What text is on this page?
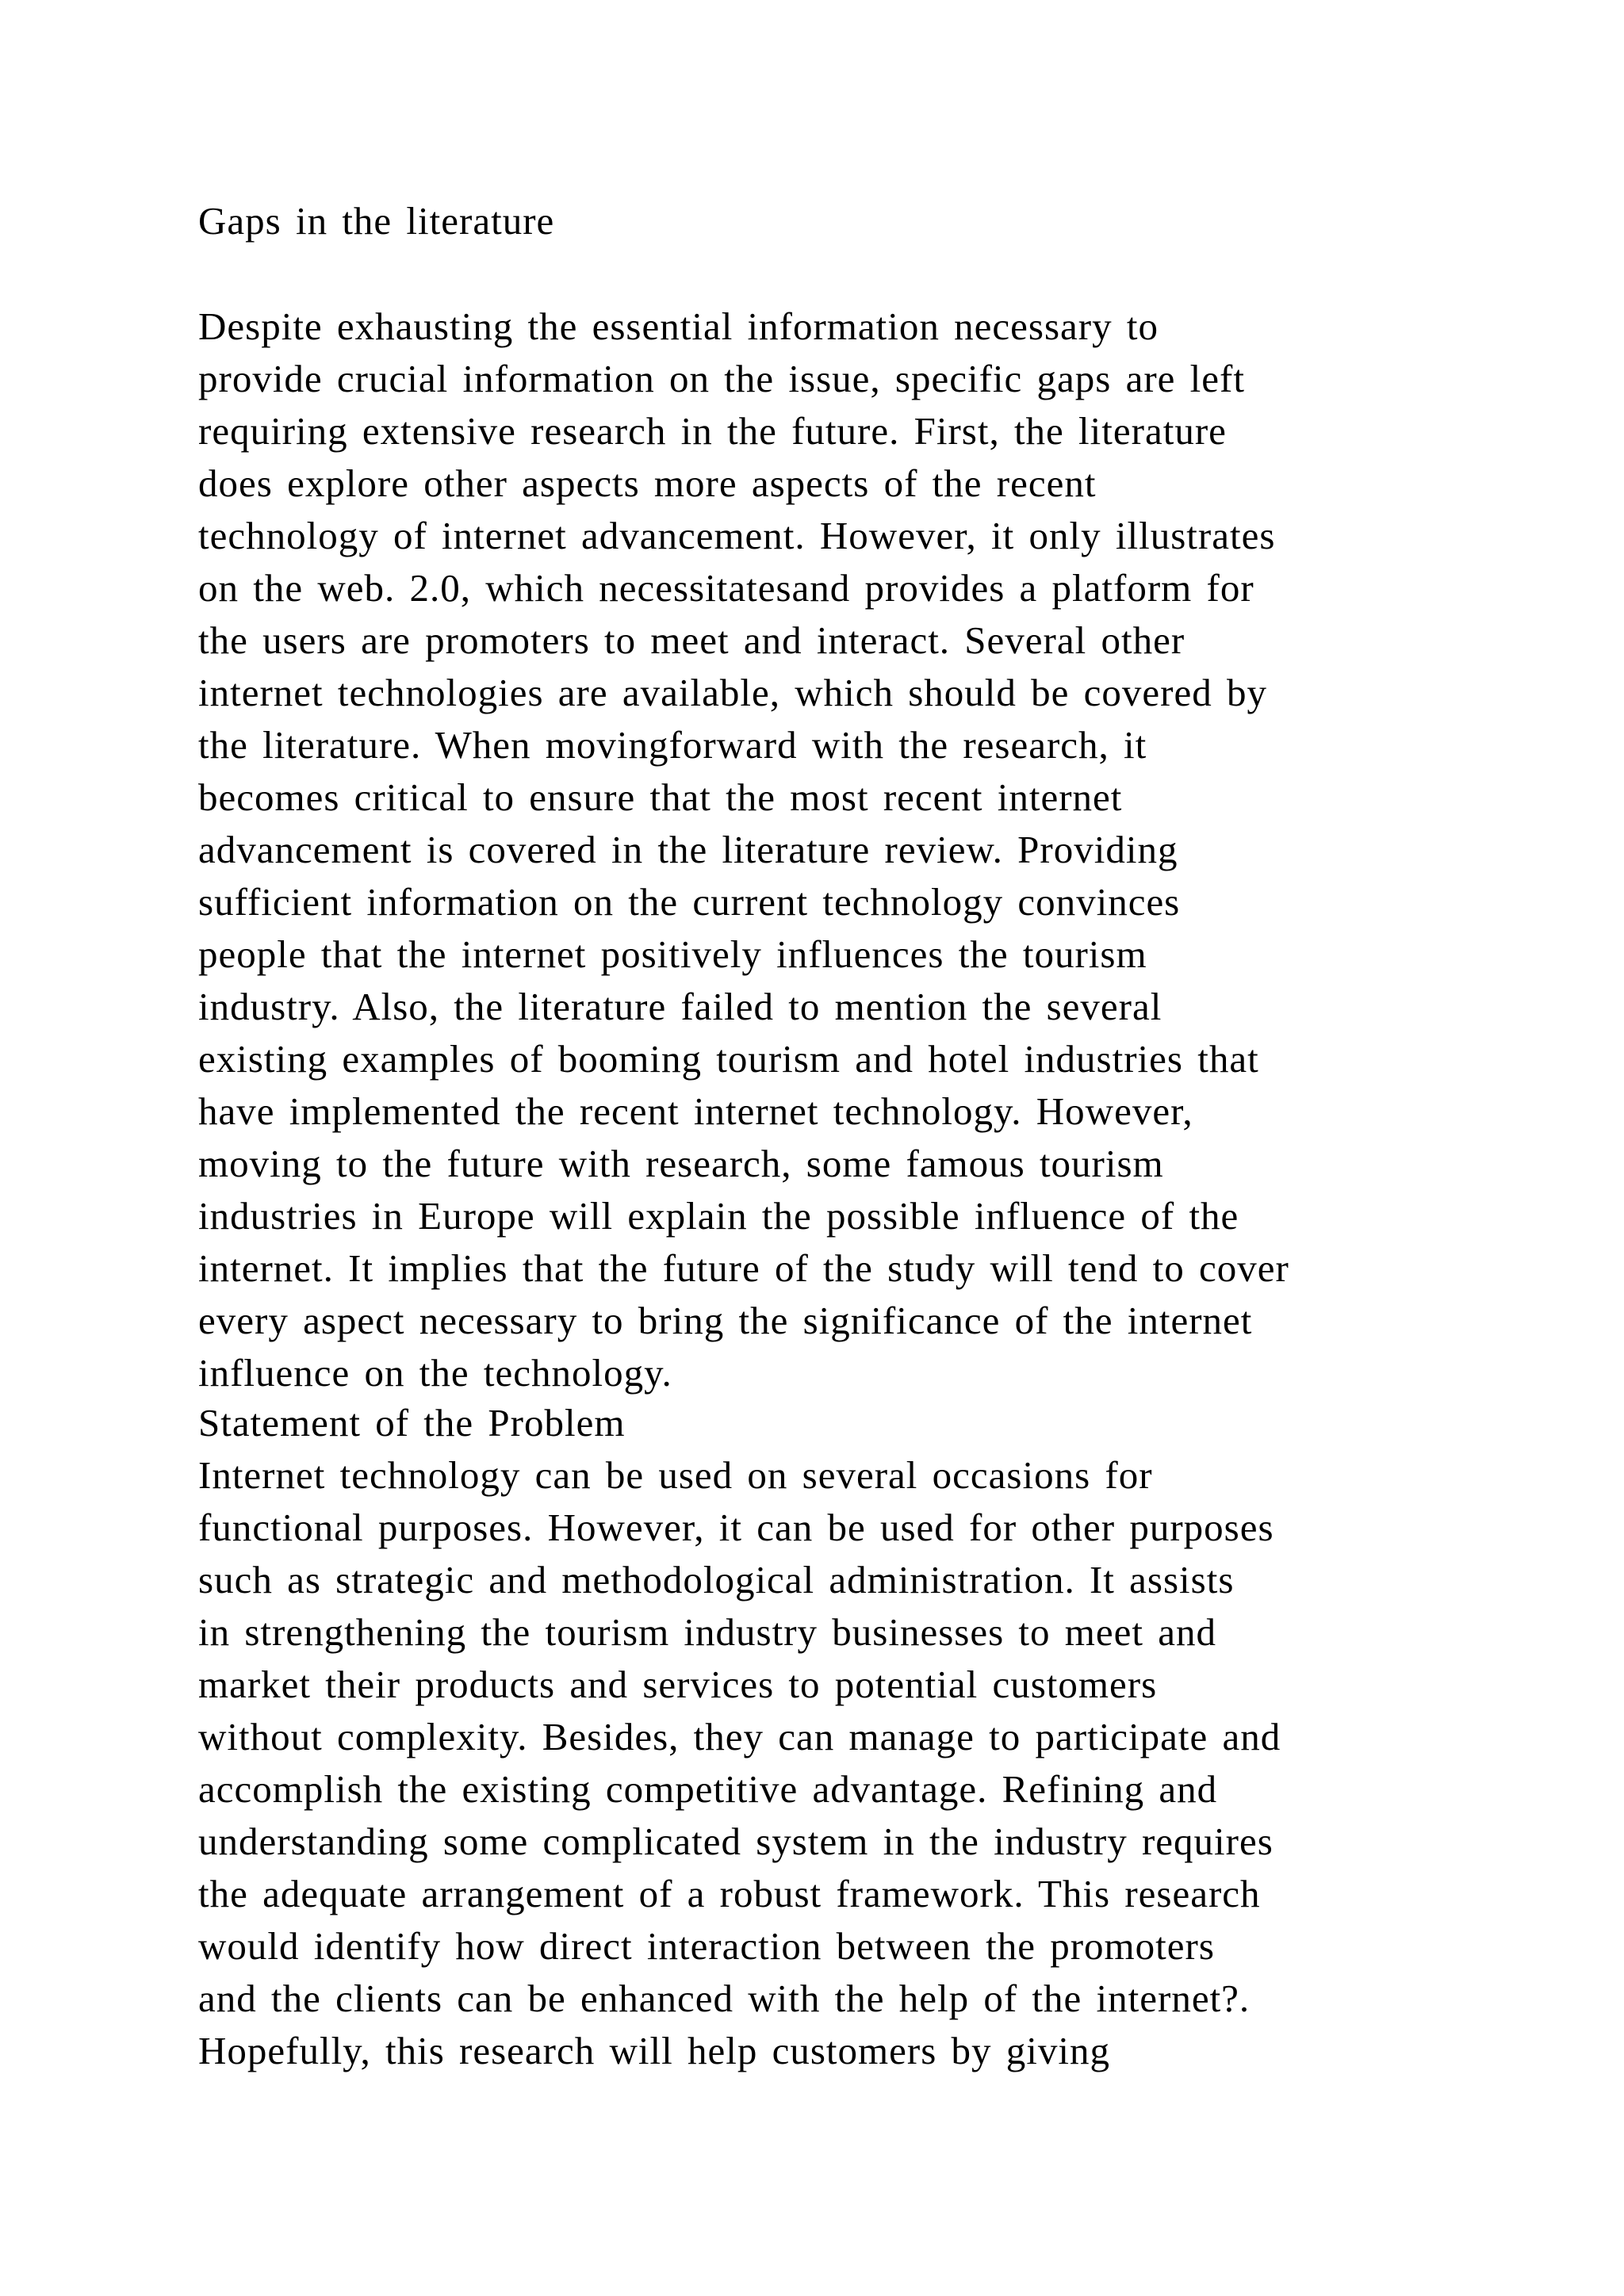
Gaps in the literature
Despite exhausting the essential information necessary to
provide crucial information on the issue, specific gaps are left
requiring extensive research in the future. First, the literature
does explore other aspects more aspects of the recent
technology of internet advancement. However, it only illustrates
on the web. 2.0, which necessitatesand provides a platform for
the users are promoters to meet and interact. Several other
internet technologies are available, which should be covered by
the literature. When movingforward with the research, it
becomes critical to ensure that the most recent internet
advancement is covered in the literature review. Providing
sufficient information on the current technology convinces
people that the internet positively influences the tourism
industry. Also, the literature failed to mention the several
existing examples of booming tourism and hotel industries that
have implemented the recent internet technology. However,
moving to the future with research, some famous tourism
industries in Europe will explain the possible influence of the
internet. It implies that the future of the study will tend to cover
every aspect necessary to bring the significance of the internet
influence on the technology.
Statement of the Problem
Internet technology can be used on several occasions for
functional purposes. However, it can be used for other purposes
such as strategic and methodological administration. It assists
in strengthening the tourism industry businesses to meet and
market their products and services to potential customers
without complexity. Besides, they can manage to participate and
accomplish the existing competitive advantage. Refining and
understanding some complicated system in the industry requires
the adequate arrangement of a robust framework. This research
would identify how direct interaction between the promoters
and the clients can be enhanced with the help of the internet?.
Hopefully, this research will help customers by giving
